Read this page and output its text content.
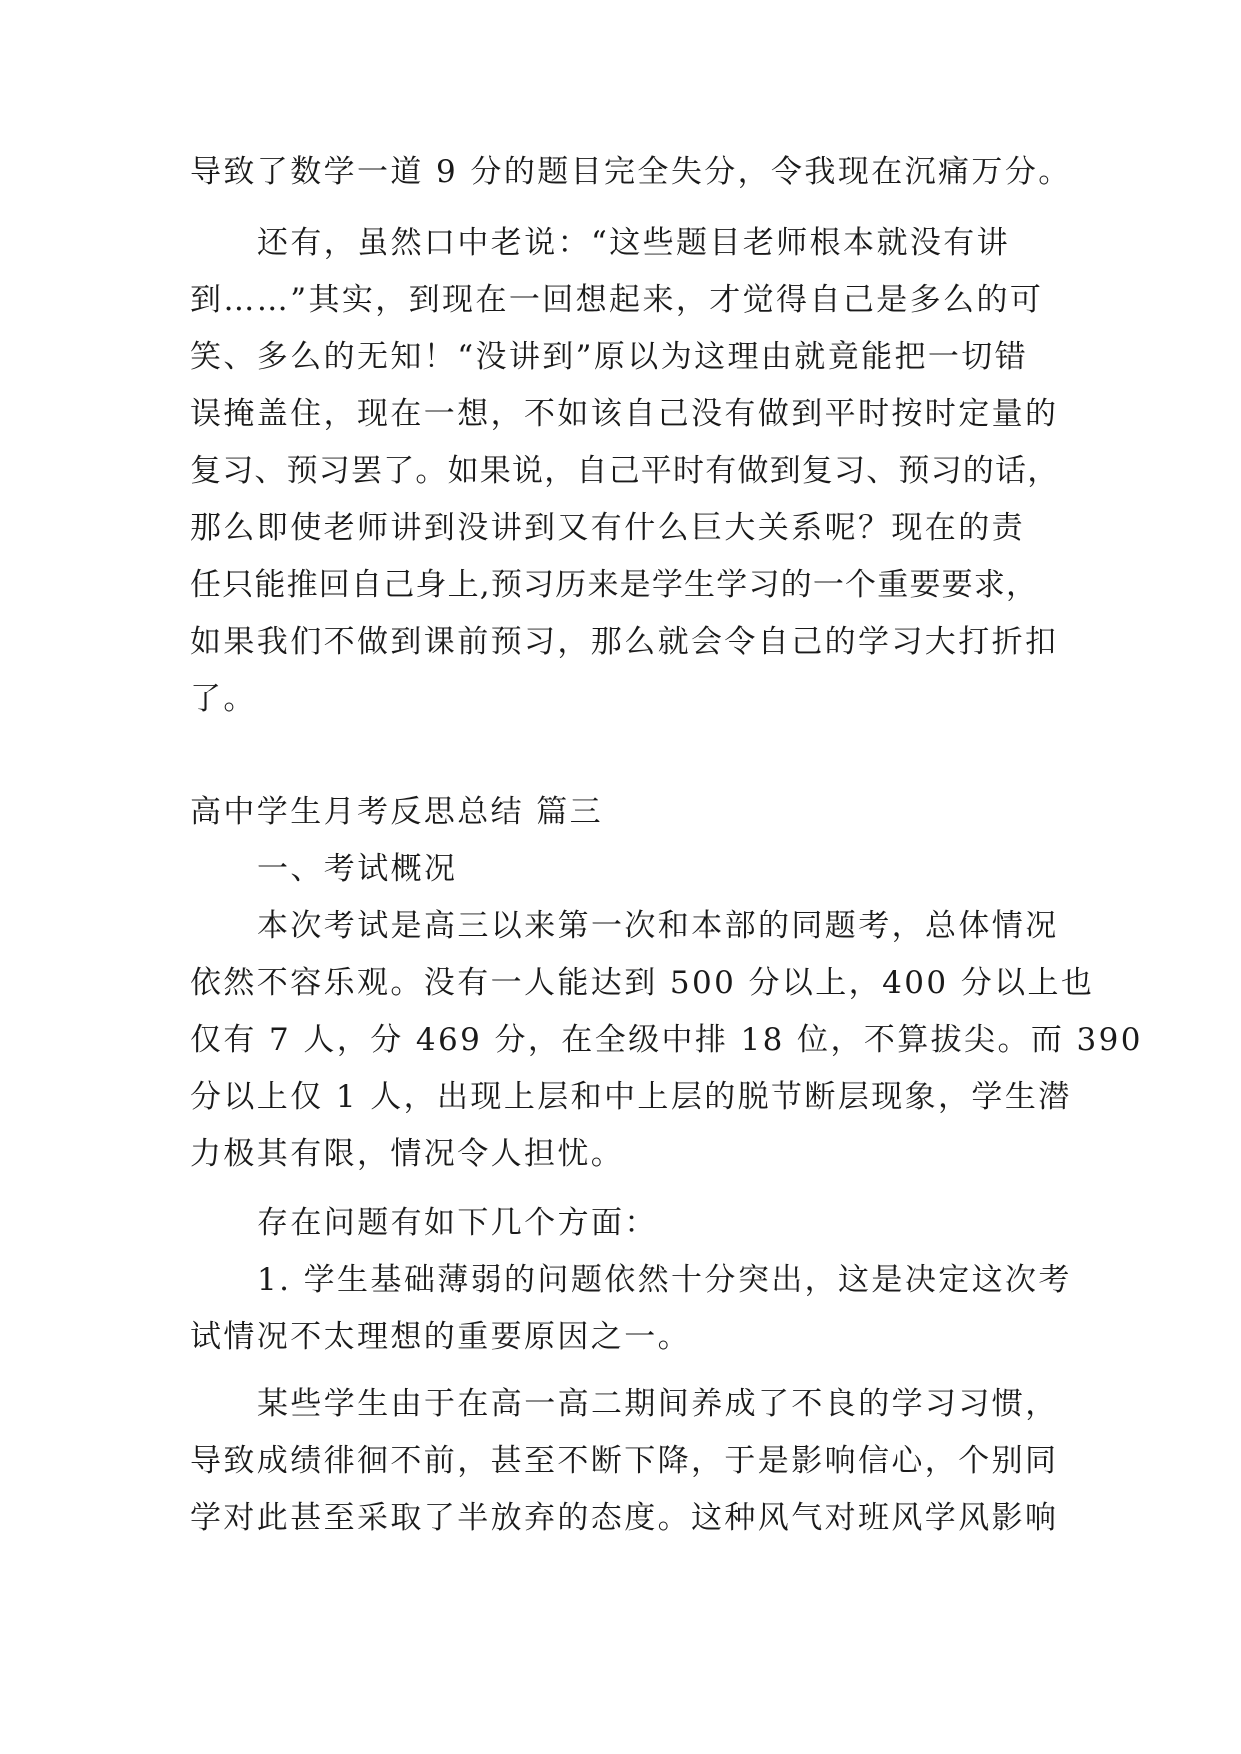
导致了数学一道 9 分的题目完全失分，令我现在沉痛万分。
还有，虽然口中老说：“这些题目老师根本就没有讲
到……”其实，到现在一回想起来，才觉得自己是多么的可
笑、多么的无知！“没讲到”原以为这理由就竟能把一切错
误掩盖住，现在一想，不如该自己没有做到平时按时定量的
复习、预习罢了。如果说，自己平时有做到复习、预习的话，
那么即使老师讲到没讲到又有什么巨大关系呢？现在的责
任只能推回自己身上,预习历来是学生学习的一个重要要求，
如果我们不做到课前预习，那么就会令自己的学习大打折扣
了。
高中学生月考反思总结 篇三
一、考试概况
本次考试是高三以来第一次和本部的同题考，总体情况
依然不容乐观。没有一人能达到 500 分以上，400 分以上也
仅有 7 人，分 469 分，在全级中排 18 位，不算拔尖。而 390
分以上仅 1 人，出现上层和中上层的脱节断层现象，学生潜
力极其有限，情况令人担忧。
存在问题有如下几个方面：
1. 学生基础薄弱的问题依然十分突出，这是决定这次考
试情况不太理想的重要原因之一。
某些学生由于在高一高二期间养成了不良的学习习惯，
导致成绩徘徊不前，甚至不断下降，于是影响信心，个别同
学对此甚至采取了半放弃的态度。这种风气对班风学风影响
